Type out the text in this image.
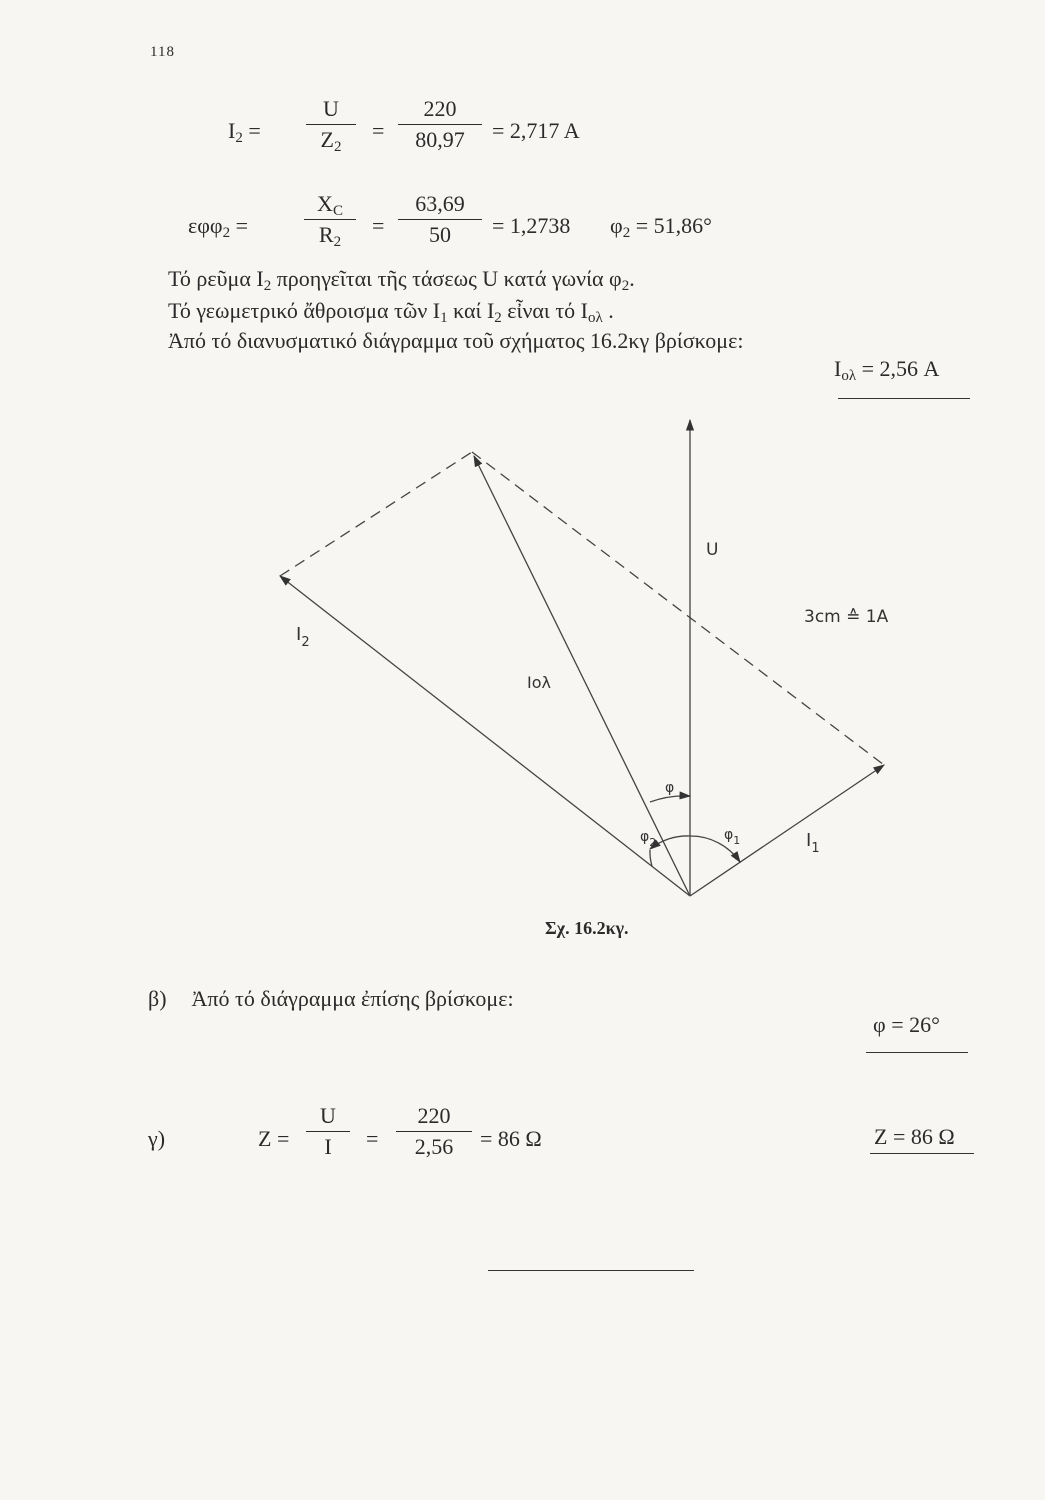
118
$I_2$ =
U
$Z_2$
=
220
80,97	= 2,717 A
εφφ$_2$ =
$X_C$
$R_2$
=
63,69
50	= 1,2738 $\varphi_2 = 51,86^\circ$
Τό ρεῦμα $I_2$ προηγεῖται τῆς τάσεως U κατά γωνία $\varphi_2$.
Τό γεωμετρικό ἄθροισμα τῶν $I_1$ καί $I_2$ εἶναι τό $I_{o\lambda}$ .
Ἀπό τό διανυσματικό διάγραμμα τοῦ σχήματος 16.2κγ βρίσκομε:
$I_{o\lambda} = 2,56$ A
U
3cm ≙ 1A
$I_2$
Iολ
φ
$\varphi_2$	$\varphi_1$	$I_1$
Σχ. 16.2κγ.
β) Ἀπό τό διάγραμμα ἐπίσης βρίσκομε:
φ = 26°
γ)	Z =
U
I	=
220
2,56	= 86 Ω	Z = 86 Ω
